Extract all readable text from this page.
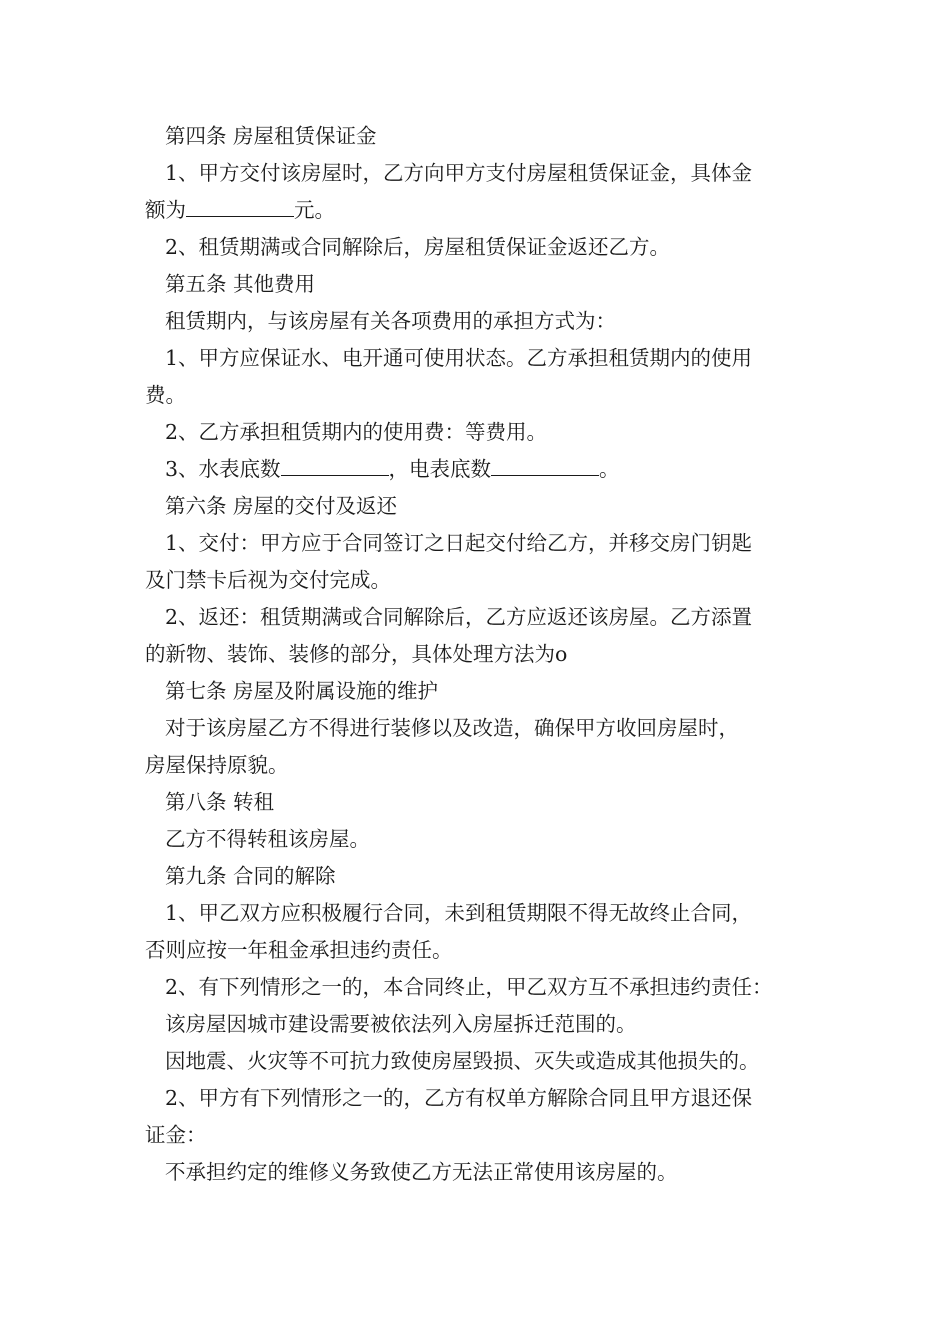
第四条 房屋租赁保证金
1、甲方交付该房屋时，乙方向甲方支付房屋租赁保证金，具体金
额为	元。
2、租赁期满或合同解除后，房屋租赁保证金返还乙方。
第五条 其他费用
租赁期内，与该房屋有关各项费用的承担方式为：
1、甲方应保证水、电开通可使用状态。乙方承担租赁期内的使用
费。
2、乙方承担租赁期内的使用费：等费用。
3、水表底数	，电表底数	。
第六条 房屋的交付及返还
1、交付：甲方应于合同签订之日起交付给乙方，并移交房门钥匙
及门禁卡后视为交付完成。
2、返还：租赁期满或合同解除后，乙方应返还该房屋。乙方添置
的新物、装饰、装修的部分，具体处理方法为o
第七条 房屋及附属设施的维护
对于该房屋乙方不得进行装修以及改造，确保甲方收回房屋时，
房屋保持原貌。
第八条 转租
乙方不得转租该房屋。
第九条 合同的解除
1、甲乙双方应积极履行合同，未到租赁期限不得无故终止合同，
否则应按一年租金承担违约责任。
2、有下列情形之一的，本合同终止，甲乙双方互不承担违约责任：
该房屋因城市建设需要被依法列入房屋拆迁范围的。
因地震、火灾等不可抗力致使房屋毁损、灭失或造成其他损失的。
2、甲方有下列情形之一的，乙方有权单方解除合同且甲方退还保
证金：
不承担约定的维修义务致使乙方无法正常使用该房屋的。
